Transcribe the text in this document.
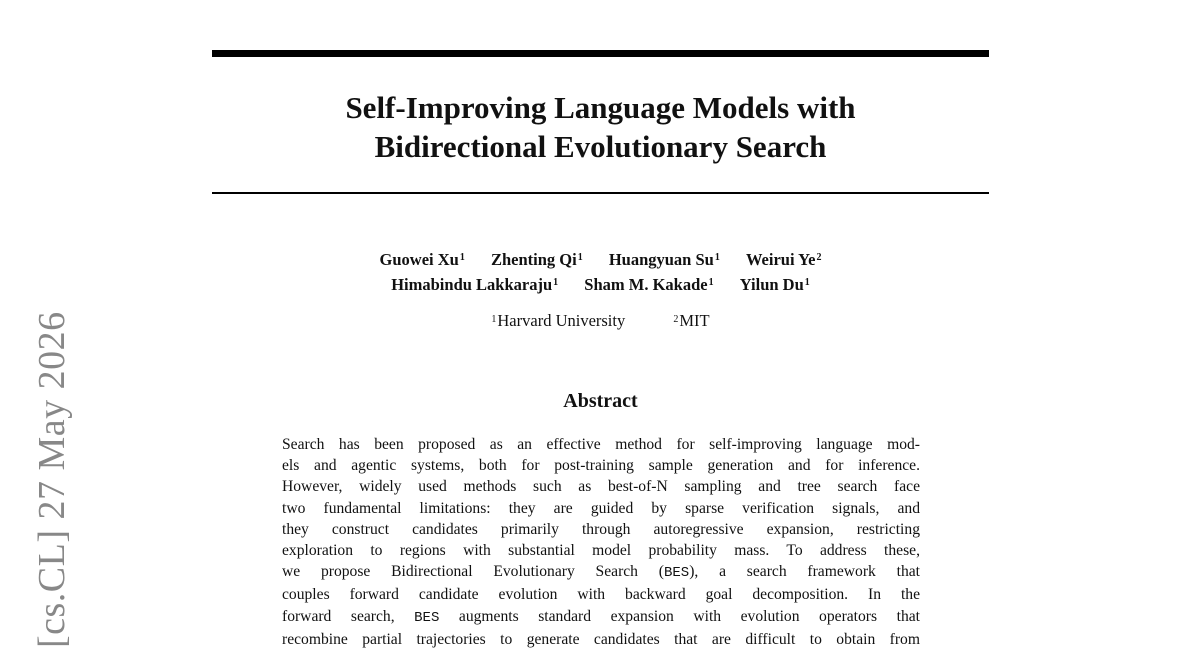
Self-Improving Language Models with
Bidirectional Evolutionary Search
Guowei Xu$^1$ Zhenting Qi$^1$ Huangyuan Su$^1$ Weirui Ye$^2$
Himabindu Lakkaraju$^1$ Sham M. Kakade$^1$ Yilun Du$^1$
$^1$Harvard University	$^2$MIT
Abstract
Search has been proposed as an effective method for self-improving language mod-
els and agentic systems, both for post-training sample generation and for inference.
However, widely used methods such as best-of-N sampling and tree search face
two fundamental limitations: they are guided by sparse verification signals, and
they construct candidates primarily through autoregressive expansion, restricting
exploration to regions with substantial model probability mass. To address these,
we propose Bidirectional Evolutionary Search (BES), a search framework that
couples forward candidate evolution with backward goal decomposition. In the
forward search, BES augments standard expansion with evolution operators that
recombine partial trajectories to generate candidates that are difficult to obtain from
[cs.CL] 27 May 2026
